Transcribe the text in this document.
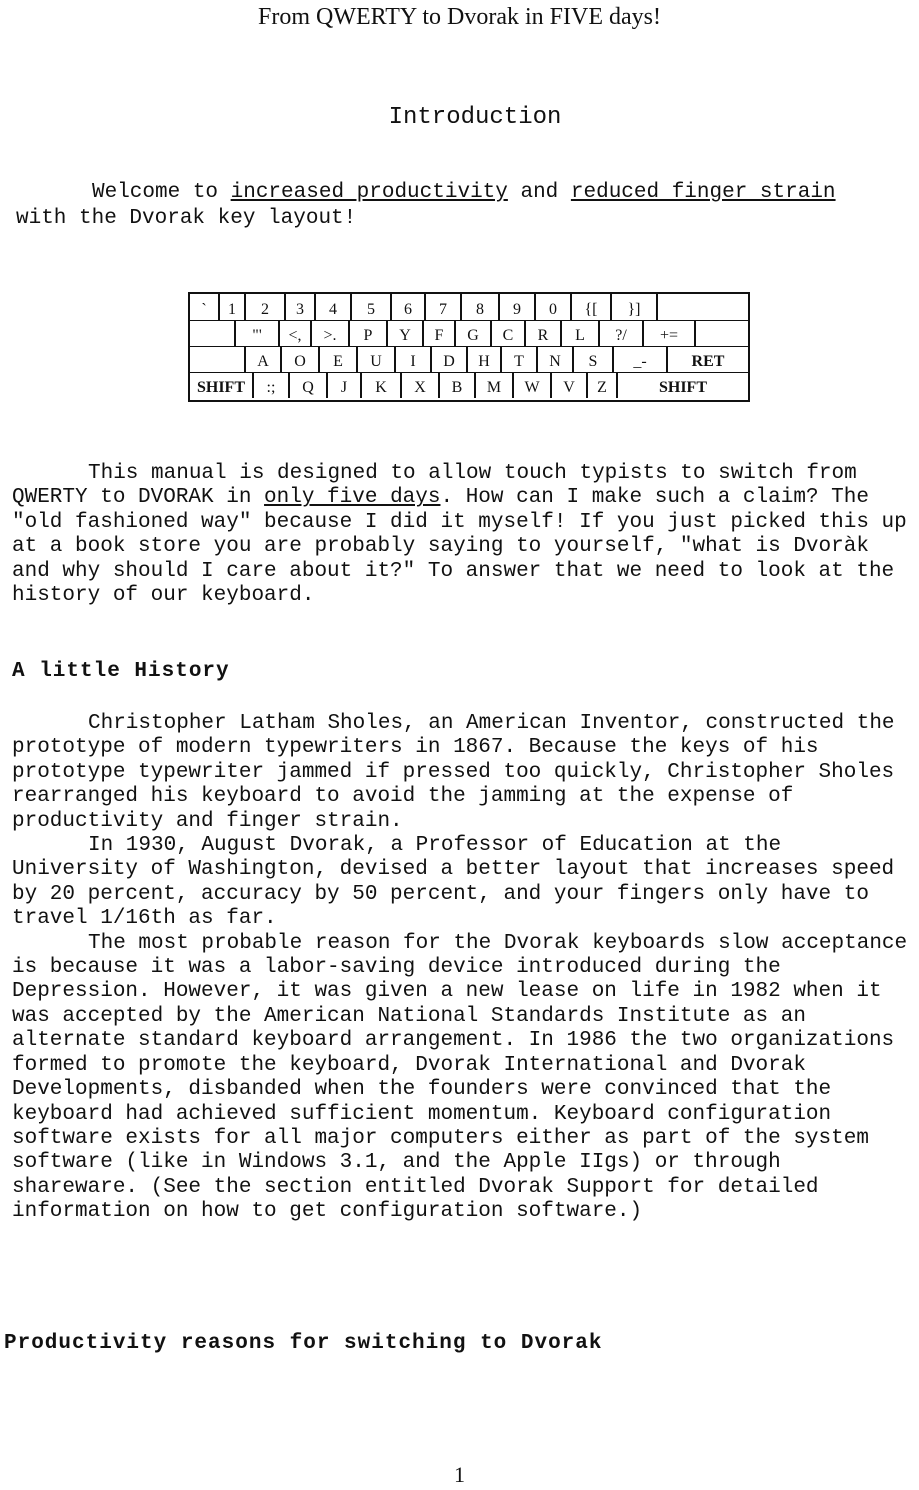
From QWERTY to Dvorak in FIVE days!
Introduction
Welcome to increased productivity and reduced finger strain with the Dvorak key layout!
`	1	2	3	4	5	6	7	8	9	0	{[	}]
"'	<,	>.	P	Y	F	G	C	R	L	?/	+=
A	O	E	U	I	D	H	T	N	S	_-	RET
SHIFT	:;	Q	J	K	X	B	M	W	V	Z	SHIFT
This manual is designed to allow touch typists to switch from QWERTY to DVORAK in only five days. How can I make such a claim? The "old fashioned way" because I did it myself! If you just picked this up at a book store you are probably saying to yourself, "what is Dvoràk and why should I care about it?" To answer that we need to look at the history of our keyboard.
A little History

Christopher Latham Sholes, an American Inventor, constructed the prototype of modern typewriters in 1867. Because the keys of his prototype typewriter jammed if pressed too quickly, Christopher Sholes rearranged his keyboard to avoid the jamming at the expense of productivity and finger strain.

In 1930, August Dvorak, a Professor of Education at the University of Washington, devised a better layout that increases speed by 20 percent, accuracy by 50 percent, and your fingers only have to travel 1/16th as far.

The most probable reason for the Dvorak keyboards slow acceptance is because it was a labor-saving device introduced during the Depression. However, it was given a new lease on life in 1982 when it was accepted by the American National Standards Institute as an alternate standard keyboard arrangement. In 1986 the two organizations formed to promote the keyboard, Dvorak International and Dvorak Developments, disbanded when the founders were convinced that the keyboard had achieved sufficient momentum. Keyboard configuration software exists for all major computers either as part of the system software (like in Windows 3.1, and the Apple IIgs) or through shareware. (See the section entitled Dvorak Support for detailed information on how to get configuration software.)

Productivity reasons for switching to Dvorak
1
